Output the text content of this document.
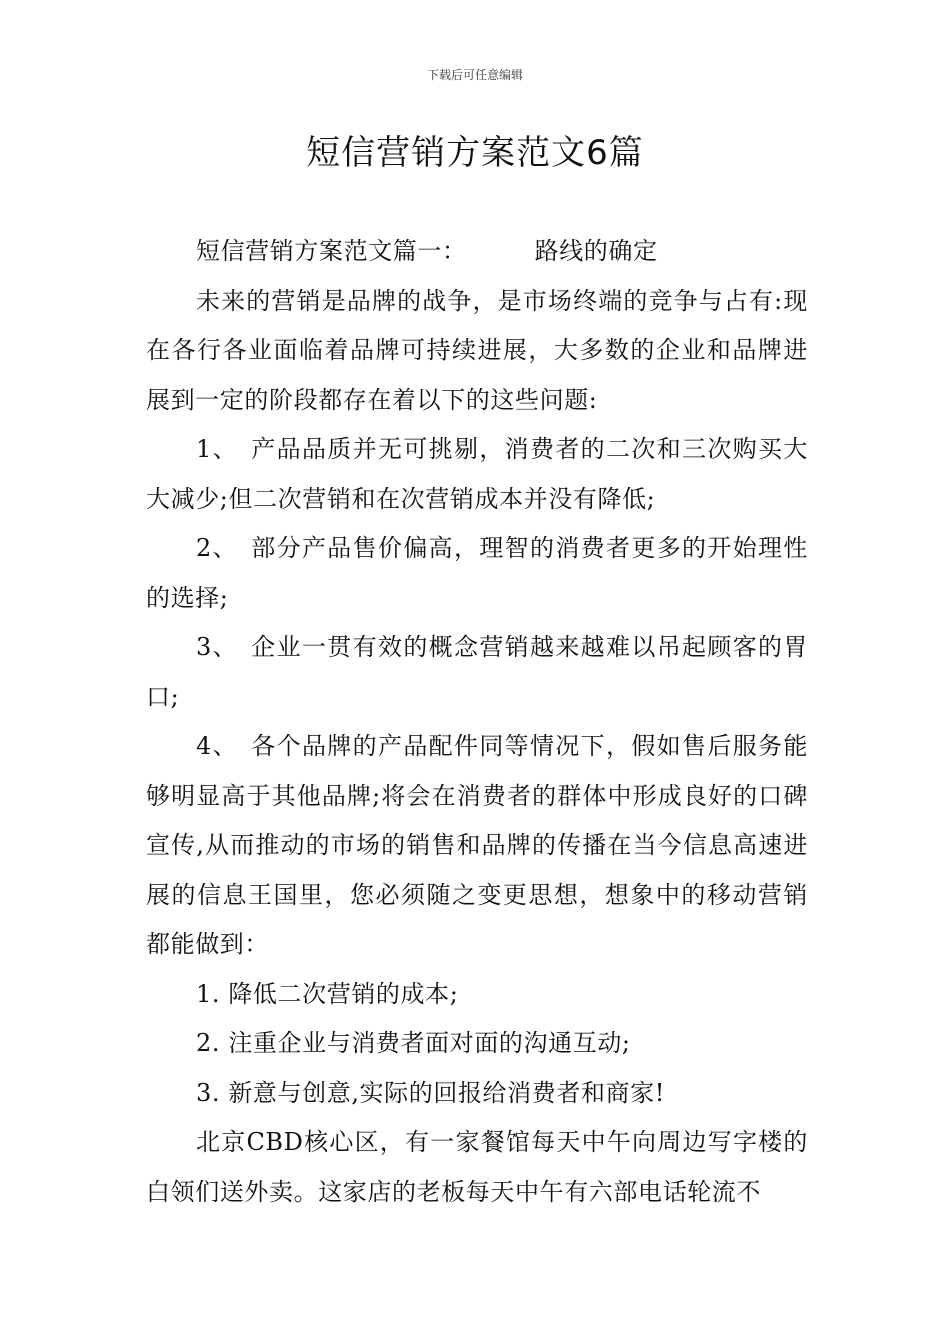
下载后可任意编辑
短信营销方案范文6篇

短信营销方案范文篇一：	路线的确定

未来的营销是品牌的战争，是市场终端的竞争与占有:现在各行各业面临着品牌可持续进展，大多数的企业和品牌进展到一定的阶段都存在着以下的这些问题:

1、　产品品质并无可挑剔，消费者的二次和三次购买大大减少;但二次营销和在次营销成本并没有降低;

2、　部分产品售价偏高，理智的消费者更多的开始理性的选择;

3、　企业一贯有效的概念营销越来越难以吊起顾客的胃口;

4、　各个品牌的产品配件同等情况下，假如售后服务能够明显高于其他品牌;将会在消费者的群体中形成良好的口碑宣传,从而推动的市场的销售和品牌的传播在当今信息高速进展的信息王国里，您必须随之变更思想，想象中的移动营销都能做到：

1. 降低二次营销的成本;

2. 注重企业与消费者面对面的沟通互动;

3. 新意与创意,实际的回报给消费者和商家!

北京CBD核心区，有一家餐馆每天中午向周边写字楼的白领们送外卖。这家店的老板每天中午有六部电话轮流不
